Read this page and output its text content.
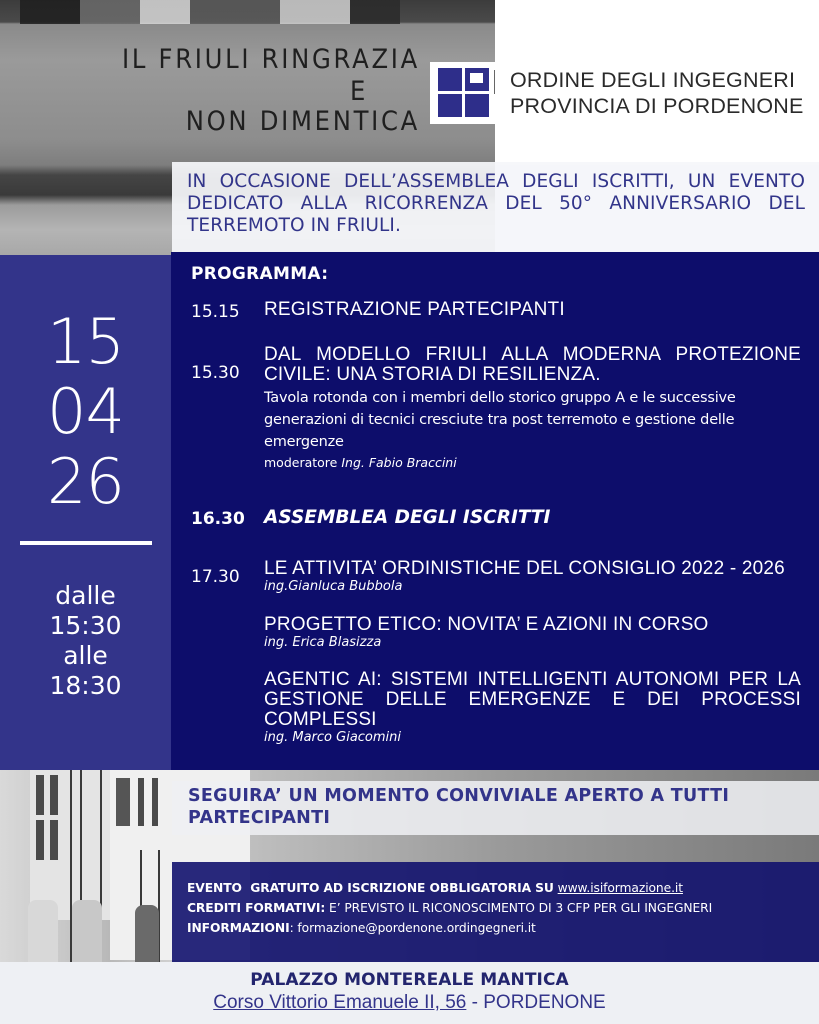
IL FRIULI RINGRAZIA
E
NON DIMENTICA
ORDINE DEGLI INGEGNERI
PROVINCIA DI PORDENONE

IN OCCASIONE DELL’ASSEMBLEA DEGLI ISCRITTI, UN EVENTO DEDICATO ALLA RICORRENZA DEL 50° ANNIVERSARIO DEL TERREMOTO IN FRIULI.

15
04
26
dalle
15:30
alle
18:30
PROGRAMMA:
15.15 REGISTRAZIONE PARTECIPANTI
15.30
DAL MODELLO FRIULI ALLA MODERNA PROTEZIONE CIVILE: UNA STORIA DI RESILIENZA.
Tavola rotonda con i membri dello storico gruppo A e le successive generazioni di tecnici cresciute tra post terremoto e gestione delle emergenze
moderatore Ing. Fabio Braccini
16.30 ASSEMBLEA DEGLI ISCRITTI
17.30 LE ATTIVITA’ ORDINISTICHE DEL CONSIGLIO 2022 - 2026
ing.Gianluca Bubbola
PROGETTO ETICO: NOVITA’ E AZIONI IN CORSO
ing. Erica Blasizza
AGENTIC AI: SISTEMI INTELLIGENTI AUTONOMI PER LA GESTIONE DELLE EMERGENZE E DEI PROCESSI COMPLESSI
ing. Marco Giacomini

SEGUIRA’ UN MOMENTO CONVIVIALE APERTO A TUTTI PARTECIPANTI

EVENTO  GRATUITO AD ISCRIZIONE OBBLIGATORIA SU www.isiformazione.it
CREDITI FORMATIVI: E’ PREVISTO IL RICONOSCIMENTO DI 3 CFP PER GLI INGEGNERI
INFORMAZIONI: formazione@pordenone.ordingegneri.it
PALAZZO MONTEREALE MANTICA
Corso Vittorio Emanuele II, 56 - PORDENONE
